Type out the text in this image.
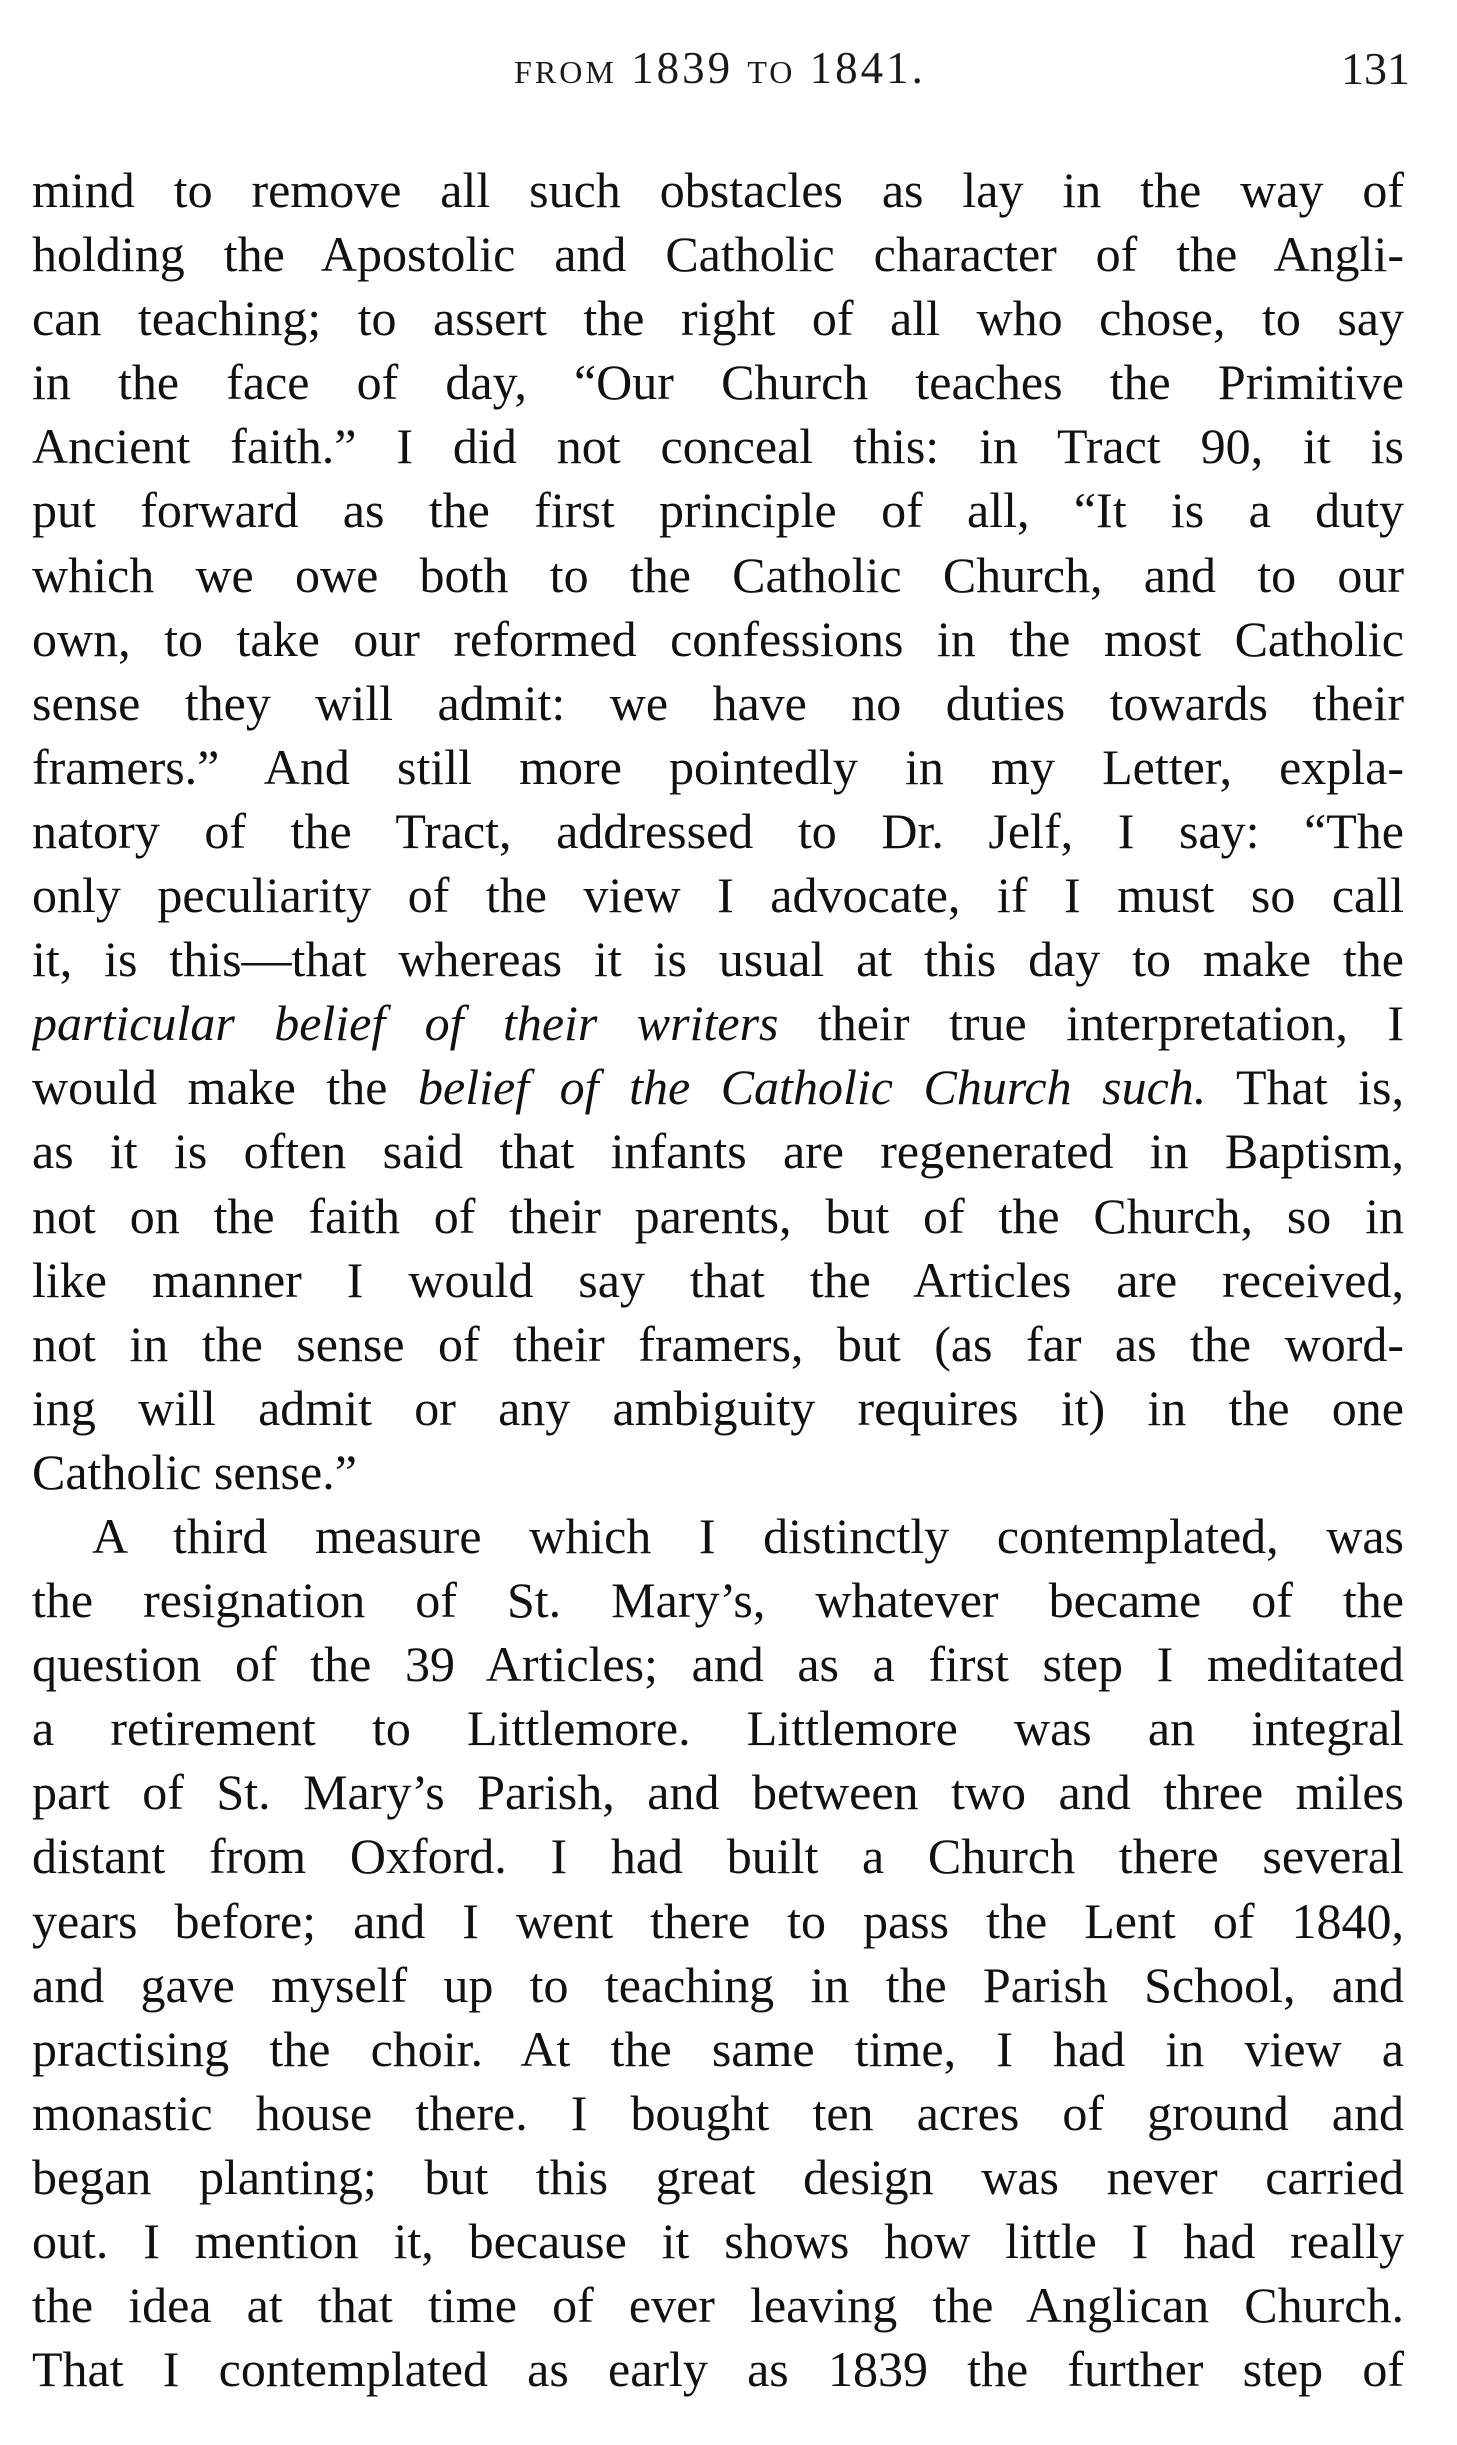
from 1839 to 1841.	131
mind to remove all such obstacles as lay in the way of
holding the Apostolic and Catholic character of the Angli-
can teaching; to assert the right of all who chose, to say
in the face of day, “Our Church teaches the Primitive
Ancient faith.” I did not conceal this: in Tract 90, it is
put forward as the first principle of all, “It is a duty
which we owe both to the Catholic Church, and to our
own, to take our reformed confessions in the most Catholic
sense they will admit: we have no duties towards their
framers.” And still more pointedly in my Letter, expla-
natory of the Tract, addressed to Dr. Jelf, I say: “The
only peculiarity of the view I advocate, if I must so call
it, is this—that whereas it is usual at this day to make the
particular belief of their writers their true interpretation, I
would make the belief of the Catholic Church such. That is,
as it is often said that infants are regenerated in Baptism,
not on the faith of their parents, but of the Church, so in
like manner I would say that the Articles are received,
not in the sense of their framers, but (as far as the word-
ing will admit or any ambiguity requires it) in the one
Catholic sense.”
A third measure which I distinctly contemplated, was
the resignation of St. Mary’s, whatever became of the
question of the 39 Articles; and as a first step I meditated
a retirement to Littlemore. Littlemore was an integral
part of St. Mary’s Parish, and between two and three miles
distant from Oxford. I had built a Church there several
years before; and I went there to pass the Lent of 1840,
and gave myself up to teaching in the Parish School, and
practising the choir. At the same time, I had in view a
monastic house there. I bought ten acres of ground and
began planting; but this great design was never carried
out. I mention it, because it shows how little I had really
the idea at that time of ever leaving the Anglican Church.
That I contemplated as early as 1839 the further step of
